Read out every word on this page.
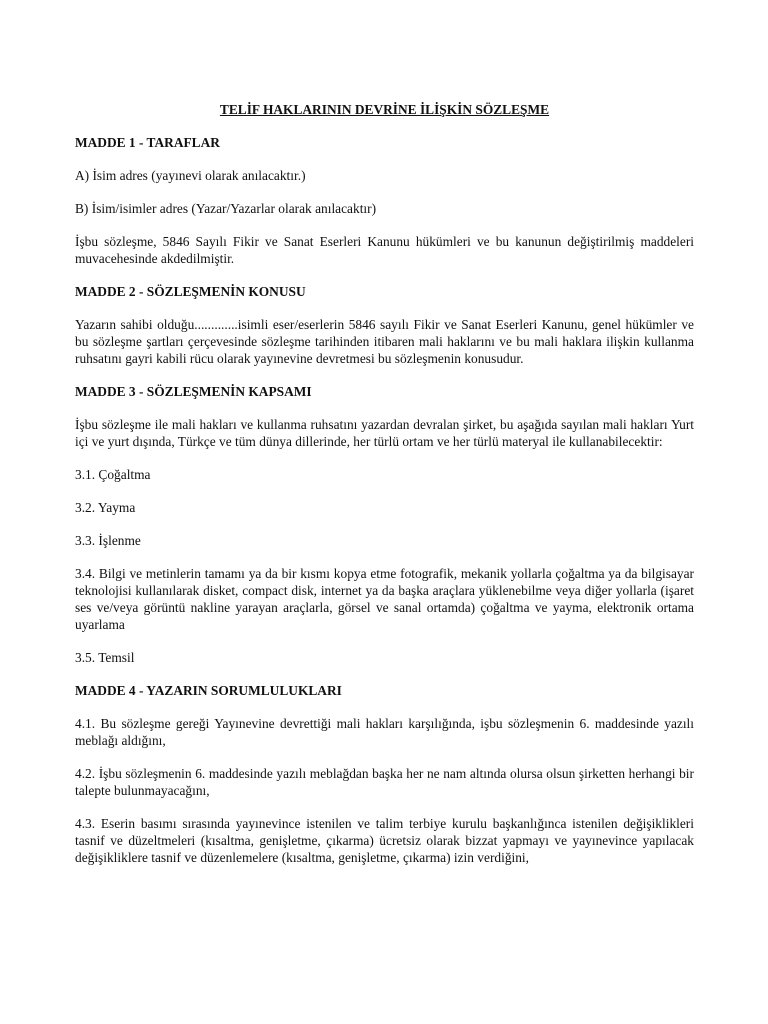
TELİF HAKLARININ DEVRİNE İLİŞKİN SÖZLEŞME
MADDE 1 - TARAFLAR
A) İsim adres (yayınevi olarak anılacaktır.)
B) İsim/isimler adres (Yazar/Yazarlar olarak anılacaktır)
İşbu sözleşme, 5846 Sayılı Fikir ve Sanat Eserleri Kanunu hükümleri ve bu kanunun değiştirilmiş maddeleri muvacehesinde akdedilmiştir.
MADDE 2 - SÖZLEŞMENİN KONUSU
Yazarın sahibi olduğu.............isimli eser/eserlerin 5846 sayılı Fikir ve Sanat Eserleri Kanunu, genel hükümler ve bu sözleşme şartları çerçevesinde sözleşme tarihinden itibaren mali haklarını ve bu mali haklara ilişkin kullanma ruhsatını gayri kabili rücu olarak yayınevine devretmesi bu sözleşmenin konusudur.
MADDE 3 - SÖZLEŞMENİN KAPSAMI
İşbu sözleşme ile mali hakları ve kullanma ruhsatını yazardan devralan şirket, bu aşağıda sayılan mali hakları Yurt içi ve yurt dışında, Türkçe ve tüm dünya dillerinde, her türlü ortam ve her türlü materyal ile kullanabilecektir:
3.1. Çoğaltma
3.2. Yayma
3.3. İşlenme
3.4. Bilgi ve metinlerin tamamı ya da bir kısmı kopya etme fotografik, mekanik yollarla çoğaltma ya da bilgisayar teknolojisi kullanılarak disket, compact disk, internet ya da başka araçlara yüklenebilme veya diğer yollarla (işaret ses ve/veya görüntü nakline yarayan araçlarla, görsel ve sanal ortamda) çoğaltma ve yayma, elektronik ortama uyarlama
3.5. Temsil
MADDE 4 - YAZARIN SORUMLULUKLARI
4.1. Bu sözleşme gereği Yayınevine devrettiği mali hakları karşılığında, işbu sözleşmenin 6. maddesinde yazılı meblağı aldığını,
4.2. İşbu sözleşmenin 6. maddesinde yazılı meblağdan başka her ne nam altında olursa olsun şirketten herhangi bir talepte bulunmayacağını,
4.3. Eserin basımı sırasında yayınevince istenilen ve talim terbiye kurulu başkanlığınca istenilen değişiklikleri tasnif ve düzeltmeleri (kısaltma, genişletme, çıkarma) ücretsiz olarak bizzat yapmayı ve yayınevince yapılacak değişikliklere tasnif ve düzenlemelere (kısaltma, genişletme, çıkarma) izin verdiğini,
